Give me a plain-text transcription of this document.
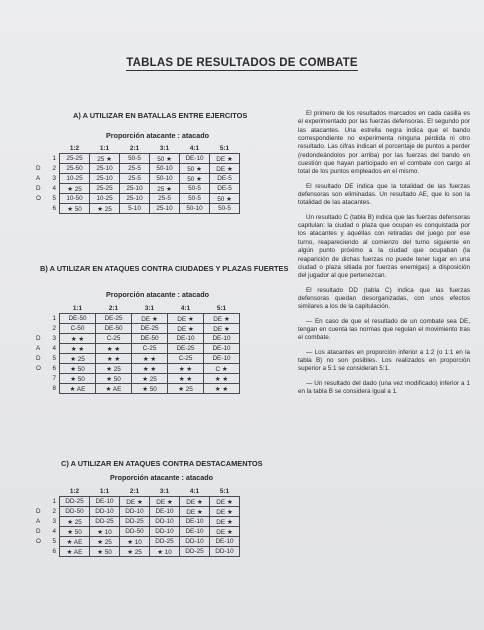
TABLAS DE RESULTADOS DE COMBATE
A) A UTILIZAR EN BATALLAS ENTRE EJERCITOS
Proporción atacante : atacado
		1:2	1:1	2:1	3:1	4:1	5:1
	1	25-25	25 ★	50-5	50 ★	DE-10	DE ★
D	2	25-50	25-10	25-5	50-10	50 ★	DE ★
A	3	10-25	25-10	25-5	50-10	50 ★	DE-5
D	4	★ 25	25-25	25-10	25 ★	50-5	DE-5
O	5	10-50	10-25	25-10	25-5	50-5	50 ★
	6	★ 50	★ 25	5-10	25-10	50-10	50-5
B) A UTILIZAR EN ATAQUES CONTRA CIUDADES Y PLAZAS FUERTES
Proporción atacante : atacado
		1:1	2:1	3:1	4:1	5:1
	1	DE-50	DE-25	DE ★	DE ★	DE ★
	2	C-50	DE-50	DE-25	DE ★	DE ★
D	3	★ ★	C-25	DE-50	DE-10	DE-10
A	4	★ ★	★ ★	C-25	DE-25	DE-10
D	5	★ 25	★ ★	★ ★	C-25	DE-10
O	6	★ 50	★ 25	★ ★	★ ★	C ★
	7	★ 50	★ 50	★ 25	★ ★	★ ★
	8	★ AE	★ AE	★ 50	★ 25	★ ★
C) A UTILIZAR EN ATAQUES CONTRA DESTACAMENTOS
Proporción atacante : atacado
		1:2	1:1	2:1	3:1	4:1	5:1
	1	DD-25	DE-10	DE ★	DE ★	DE ★	DE ★
D	2	DD-50	DD-10	DD-10	DE-10	DE ★	DE ★
A	3	★ 25	DD-25	DD-25	DD-10	DE-10	DE ★
D	4	★ 50	★ 10	DD-50	DD-10	DE-10	DE ★
O	5	★ AE	★ 25	★ 10	DD-25	DD-10	DE-10
	6	★ AE	★ 50	★ 25	★ 10	DD-25	DD-10

El primero de los resultados marcados en cada casilla es el experimentado por las fuerzas defensoras. El segundo por las atacantes. Una estrella negra indica que el bando correspondiente no experimenta ninguna pérdida ni otro resultado. Las cifras indican el porcentaje de puntos a perder (redondeándolos por arriba) por las fuerzas del bando en cuestión que hayan participado en el combate con cargo al total de los puntos empleados en el mismo.

El resultado DE indica que la totalidad de las fuerzas defensoras son eliminadas. Un resultado AE, que lo son la totalidad de las atacantes.

Un resultado C (tabla B) indica que las fuerzas defensoras capitulan: la ciudad o plaza que ocupan es conquistada por los atacantes y aquéllas con retiradas del juego por ese turno, reapareciendo al comienzo del turno siguiente en algún punto próximo a la ciudad que ocupaban (la reaparición de dichas fuerzas no puede tener lugar en una ciudad o plaza sitiada por fuerzas enemigas) a disposición del jugador al que pertenezcan.

El resultado DD (tabla C) indica que las fuerzas defensoras quedan desorganizadas, con unos efectos similares a los de la capitulación.

— En caso de que el resultado de un combate sea DE, tengan en cuenta las normas que regulan el movimiento tras el combate.

— Los atacantes en proporción inferior a 1:2 (o 1:1 en la tabla B) no son posibles. Los realizados en proporción superior a 5:1 se consideran 5:1.

— Un resultado del dado (una vez modificado) inferior a 1 en la tabla B se considera igual a 1.
